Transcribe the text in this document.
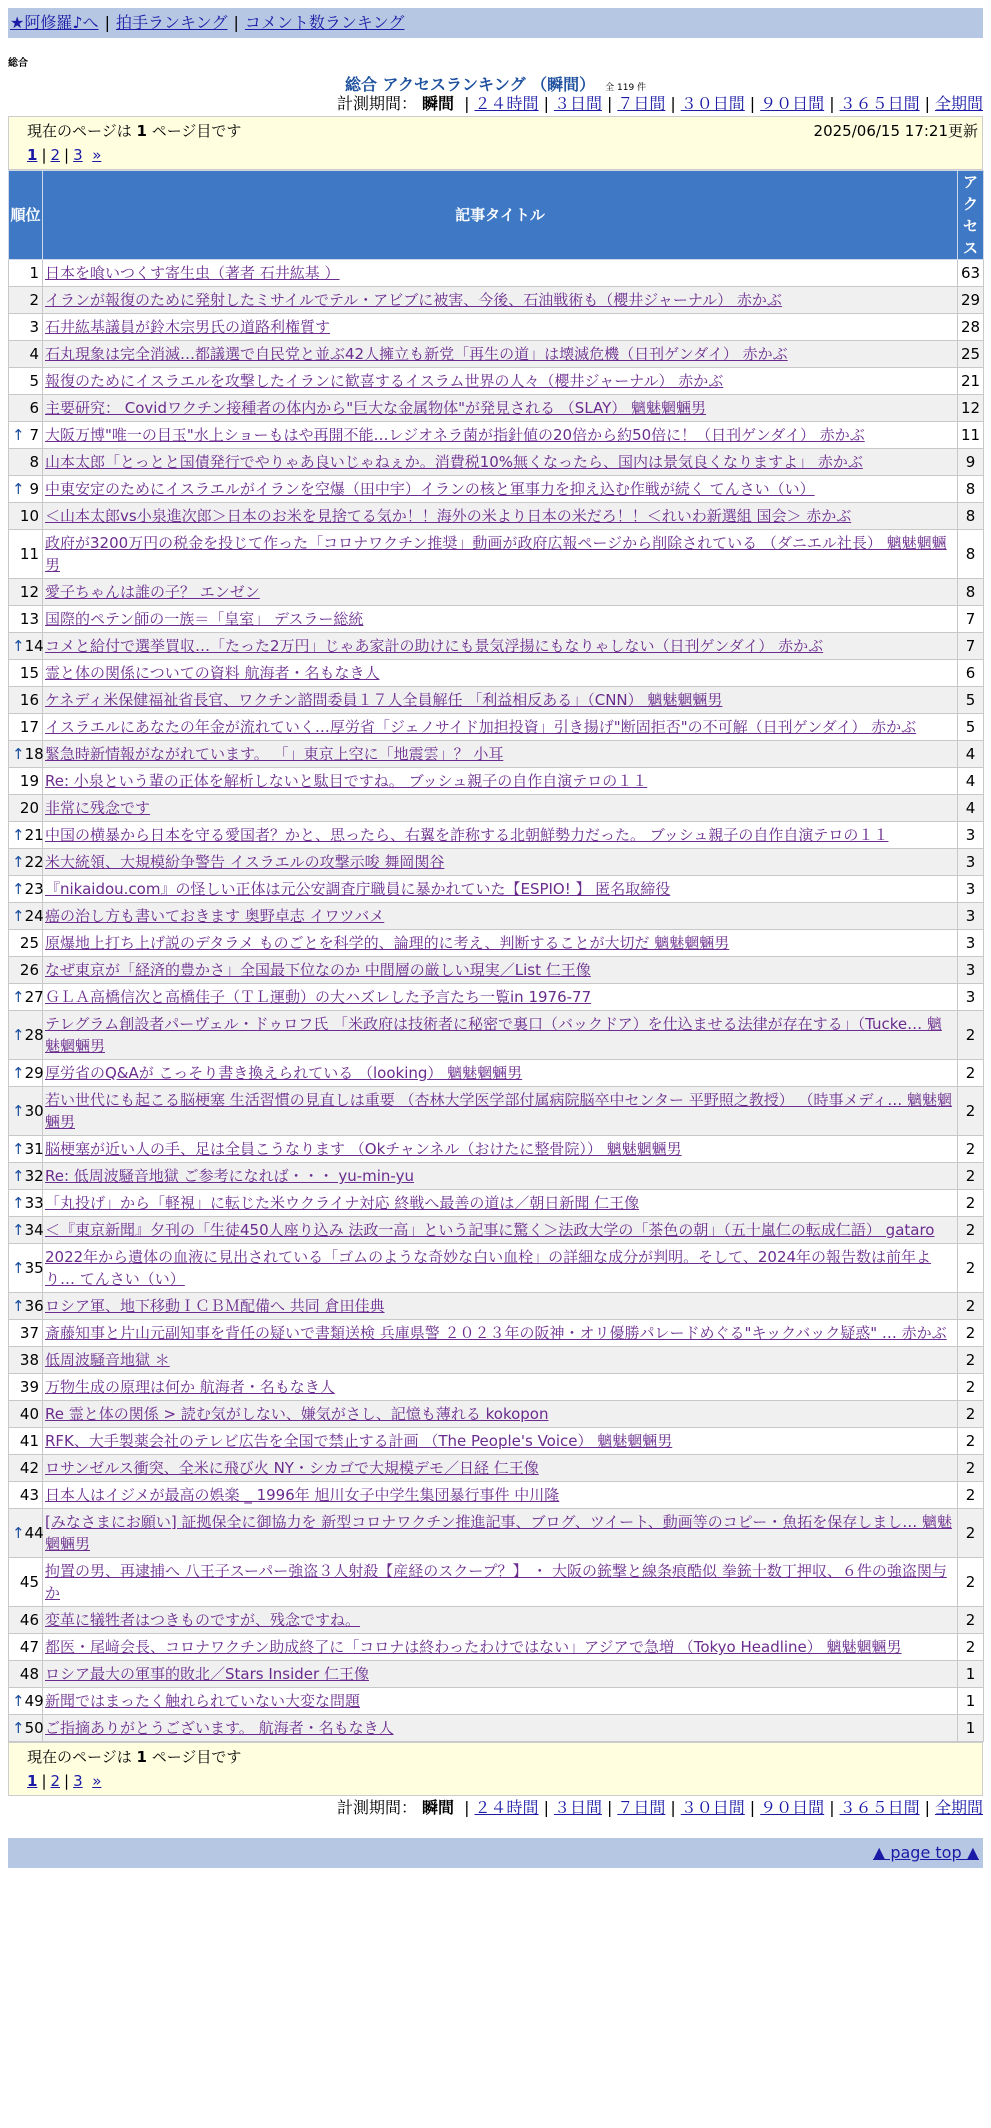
★阿修羅♪へ | 拍手ランキング | コメント数ランキング
総合
総合 アクセスランキング （瞬間） 全 119 件
計測期間： 瞬間 | ２４時間 | ３日間 | ７日間 | ３０日間 | ９０日間 | ３６５日間 | 全期間
現在のページは 1 ページ目です	2025/06/15 17:21更新
1 | 2 | 3 »
順位	記事タイトル	アクセス
1	日本を喰いつくす寄生虫（著者 石井紘基 ）	63
2	イランが報復のために発射したミサイルでテル・アビブに被害、今後、石油戦術も（櫻井ジャーナル） 赤かぶ	29
3	石井紘基議員が鈴木宗男氏の道路利権質す	28
4	石丸現象は完全消滅…都議選で自民党と並ぶ42人擁立も新党「再生の道」は壊滅危機（日刊ゲンダイ） 赤かぶ	25
5	報復のためにイスラエルを攻撃したイランに歓喜するイスラム世界の人々（櫻井ジャーナル） 赤かぶ	21
6	主要研究： Covidワクチン接種者の体内から"巨大な金属物体"が発見される （SLAY） 魑魅魍魎男	12

↑ 7	大阪万博"唯一の目玉"水上ショーもはや再開不能…レジオネラ菌が指針値の20倍から約50倍に！（日刊ゲンダイ） 赤かぶ	11
8	山本太郎「とっとと国債発行でやりゃあ良いじゃねぇか。消費税10%無くなったら、国内は景気良くなりますよ」 赤かぶ	9

↑ 9	中東安定のためにイスラエルがイランを空爆（田中宇）イランの核と軍事力を抑え込む作戦が続く てんさい（い）	8
10	＜山本太郎vs小泉進次郎＞日本のお米を見捨てる気か！！海外の米より日本の米だろ！！＜れいわ新選組 国会＞ 赤かぶ	8
11	政府が3200万円の税金を投じて作った「コロナワクチン推奨」動画が政府広報ページから削除されている （ダニエル社長） 魑魅魍魎男	8
12	愛子ちゃんは誰の子？ エンゼン	8
13	国際的ペテン師の一族＝「皇室」 デスラー総統	7

↑ 14	コメと給付で選挙買収…「たった2万円」じゃあ家計の助けにも景気浮揚にもなりゃしない（日刊ゲンダイ） 赤かぶ	7
15	霊と体の関係についての資料 航海者・名もなき人	6
16	ケネディ米保健福祉省長官、ワクチン諮問委員１７人全員解任 「利益相反ある」（CNN） 魑魅魍魎男	5
17	イスラエルにあなたの年金が流れていく…厚労省「ジェノサイド加担投資」引き揚げ"断固拒否"の不可解（日刊ゲンダイ） 赤かぶ	5

↑ 18	緊急時新情報がながれています。 「」東京上空に「地震雲」？ 小耳	4
19	Re: 小泉という輩の正体を解析しないと駄目ですね。 ブッシュ親子の自作自演テロの１１	4
20	非常に残念です	4

↑ 21	中国の横暴から日本を守る愛国者？かと、思ったら、右翼を詐称する北朝鮮勢力だった。 ブッシュ親子の自作自演テロの１１	3

↑ 22	米大統領、大規模紛争警告 イスラエルの攻撃示唆 舞岡関谷	3

↑ 23	『nikaidou.com』の怪しい正体は元公安調査庁職員に暴かれていた【ESPIO! 】 匿名取締役	3

↑ 24	癌の治し方も書いておきます 奥野卓志 イワツバメ	3
25	原爆地上打ち上げ説のデタラメ ものごとを科学的、論理的に考え、判断することが大切だ 魑魅魍魎男	3
26	なぜ東京が「経済的豊かさ」全国最下位なのか 中間層の厳しい現実／List 仁王像	3

↑ 27	ＧＬＡ高橋信次と高橋佳子（ＴＬ運動）の大ハズレした予言たち一覧in 1976-77	3

↑ 28	テレグラム創設者パーヴェル・ドゥロフ氏 「米政府は技術者に秘密で裏口（バックドア）を仕込ませる法律が存在する」（Tucke… 魑魅魍魎男	2

↑ 29	厚労省のQ&Aが こっそり書き換えられている （looking） 魑魅魍魎男	2

↑ 30	若い世代にも起こる脳梗塞 生活習慣の見直しは重要 （杏林大学医学部付属病院脳卒中センター 平野照之教授） （時事メディ… 魑魅魍魎男	2

↑ 31	脳梗塞が近い人の手、足は全員こうなります （Okチャンネル（おけたに整骨院）） 魑魅魍魎男	2

↑ 32	Re: 低周波騒音地獄 ご参考になれば・・・ yu-min-yu	2

↑ 33	「丸投げ」から「軽視」に転じた米ウクライナ対応 終戦へ最善の道は／朝日新聞 仁王像	2

↑ 34	＜『東京新聞』夕刊の「生徒450人座り込み 法政一高」という記事に驚く＞法政大学の「茶色の朝」（五十嵐仁の転成仁語） gataro	2

↑ 35	2022年から遺体の血液に見出されている「ゴムのような奇妙な白い血栓」の詳細な成分が判明。そして、2024年の報告数は前年より… てんさい（い）	2

↑ 36	ロシア軍、地下移動ＩＣＢＭ配備へ 共同 倉田佳典	2
37	斎藤知事と片山元副知事を背任の疑いで書類送検 兵庫県警 ２０２３年の阪神・オリ優勝パレードめぐる"キックバック疑惑" … 赤かぶ	2
38	低周波騒音地獄 ＊	2
39	万物生成の原理は何か 航海者・名もなき人	2
40	Re 霊と体の関係 > 読む気がしない、嫌気がさし、記憶も薄れる kokopon	2
41	RFK、大手製薬会社のテレビ広告を全国で禁止する計画 （The People's Voice） 魑魅魍魎男	2
42	ロサンゼルス衝突、全米に飛び火 NY・シカゴで大規模デモ／日経 仁王像	2
43	日本人はイジメが最高の娯楽 _ 1996年 旭川女子中学生集団暴行事件 中川隆	2

↑ 44	[みなさまにお願い] 証拠保全に御協力を 新型コロナワクチン推進記事、ブログ、ツイート、動画等のコピー・魚拓を保存しまし… 魑魅魍魎男	2
45	拘置の男、再逮捕へ 八王子スーパー強盗３人射殺【産経のスクープ？】 ・ 大阪の銃撃と線条痕酷似 拳銃十数丁押収、６件の強盗関与か	2
46	変革に犠牲者はつきものですが、残念ですね。	2
47	都医・尾﨑会長、コロナワクチン助成終了に「コロナは終わったわけではない」アジアで急増 （Tokyo Headline） 魑魅魍魎男	2
48	ロシア最大の軍事的敗北／Stars Insider 仁王像	1

↑ 49	新聞ではまったく触れられていない大変な問題	1

↑ 50	ご指摘ありがとうございます。 航海者・名もなき人	1
現在のページは 1 ページ目です
1 | 2 | 3 »
計測期間： 瞬間 | ２４時間 | ３日間 | ７日間 | ３０日間 | ９０日間 | ３６５日間 | 全期間
▲ page top ▲
